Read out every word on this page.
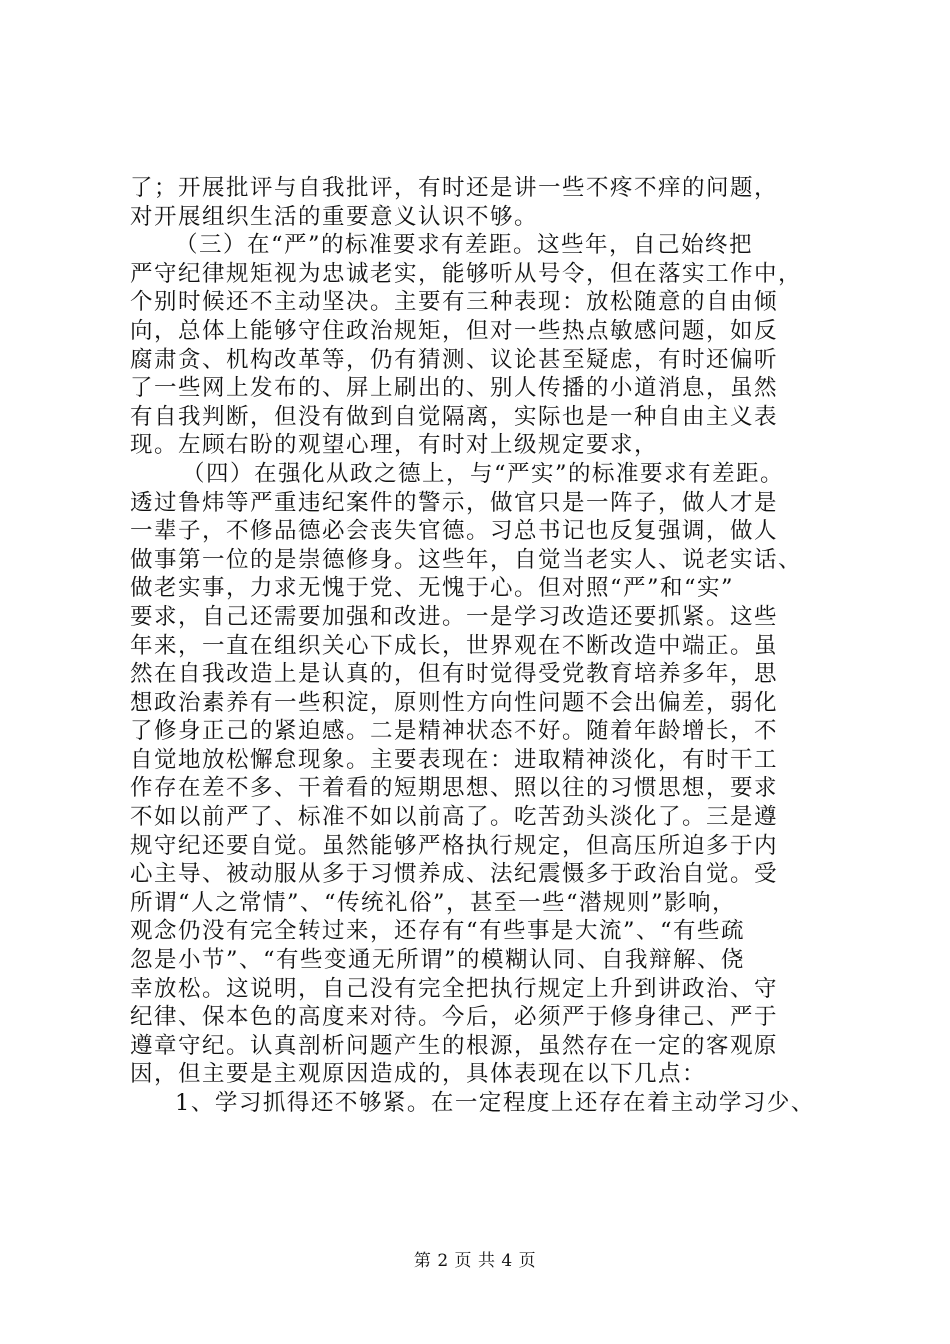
了；开展批评与自我批评，有时还是讲一些不疼不痒的问题，
对开展组织生活的重要意义认识不够。
（三）在“严”的标准要求有差距。这些年，自己始终把
严守纪律规矩视为忠诚老实，能够听从号令，但在落实工作中，
个别时候还不主动坚决。主要有三种表现：放松随意的自由倾
向，总体上能够守住政治规矩，但对一些热点敏感问题，如反
腐肃贪、机构改革等，仍有猜测、议论甚至疑虑，有时还偏听
了一些网上发布的、屏上刷出的、别人传播的小道消息，虽然
有自我判断，但没有做到自觉隔离，实际也是一种自由主义表
现。左顾右盼的观望心理，有时对上级规定要求，
（四）在强化从政之德上，与“严实”的标准要求有差距。
透过鲁炜等严重违纪案件的警示，做官只是一阵子，做人才是
一辈子，不修品德必会丧失官德。习总书记也反复强调，做人
做事第一位的是崇德修身。这些年，自觉当老实人、说老实话、
做老实事，力求无愧于党、无愧于心。但对照“严”和“实”
要求，自己还需要加强和改进。一是学习改造还要抓紧。这些
年来，一直在组织关心下成长，世界观在不断改造中端正。虽
然在自我改造上是认真的，但有时觉得受党教育培养多年，思
想政治素养有一些积淀，原则性方向性问题不会出偏差，弱化
了修身正己的紧迫感。二是精神状态不好。随着年龄增长，不
自觉地放松懈怠现象。主要表现在：进取精神淡化，有时干工
作存在差不多、干着看的短期思想、照以往的习惯思想，要求
不如以前严了、标准不如以前高了。吃苦劲头淡化了。三是遵
规守纪还要自觉。虽然能够严格执行规定，但高压所迫多于内
心主导、被动服从多于习惯养成、法纪震慑多于政治自觉。受
所谓“人之常情”、“传统礼俗”，甚至一些“潜规则”影响，
观念仍没有完全转过来，还存有“有些事是大流”、“有些疏
忽是小节”、“有些变通无所谓”的模糊认同、自我辩解、侥
幸放松。这说明，自己没有完全把执行规定上升到讲政治、守
纪律、保本色的高度来对待。今后，必须严于修身律己、严于
遵章守纪。认真剖析问题产生的根源，虽然存在一定的客观原
因，但主要是主观原因造成的，具体表现在以下几点：
1、学习抓得还不够紧。在一定程度上还存在着主动学习少、
第 2 页 共 4 页
